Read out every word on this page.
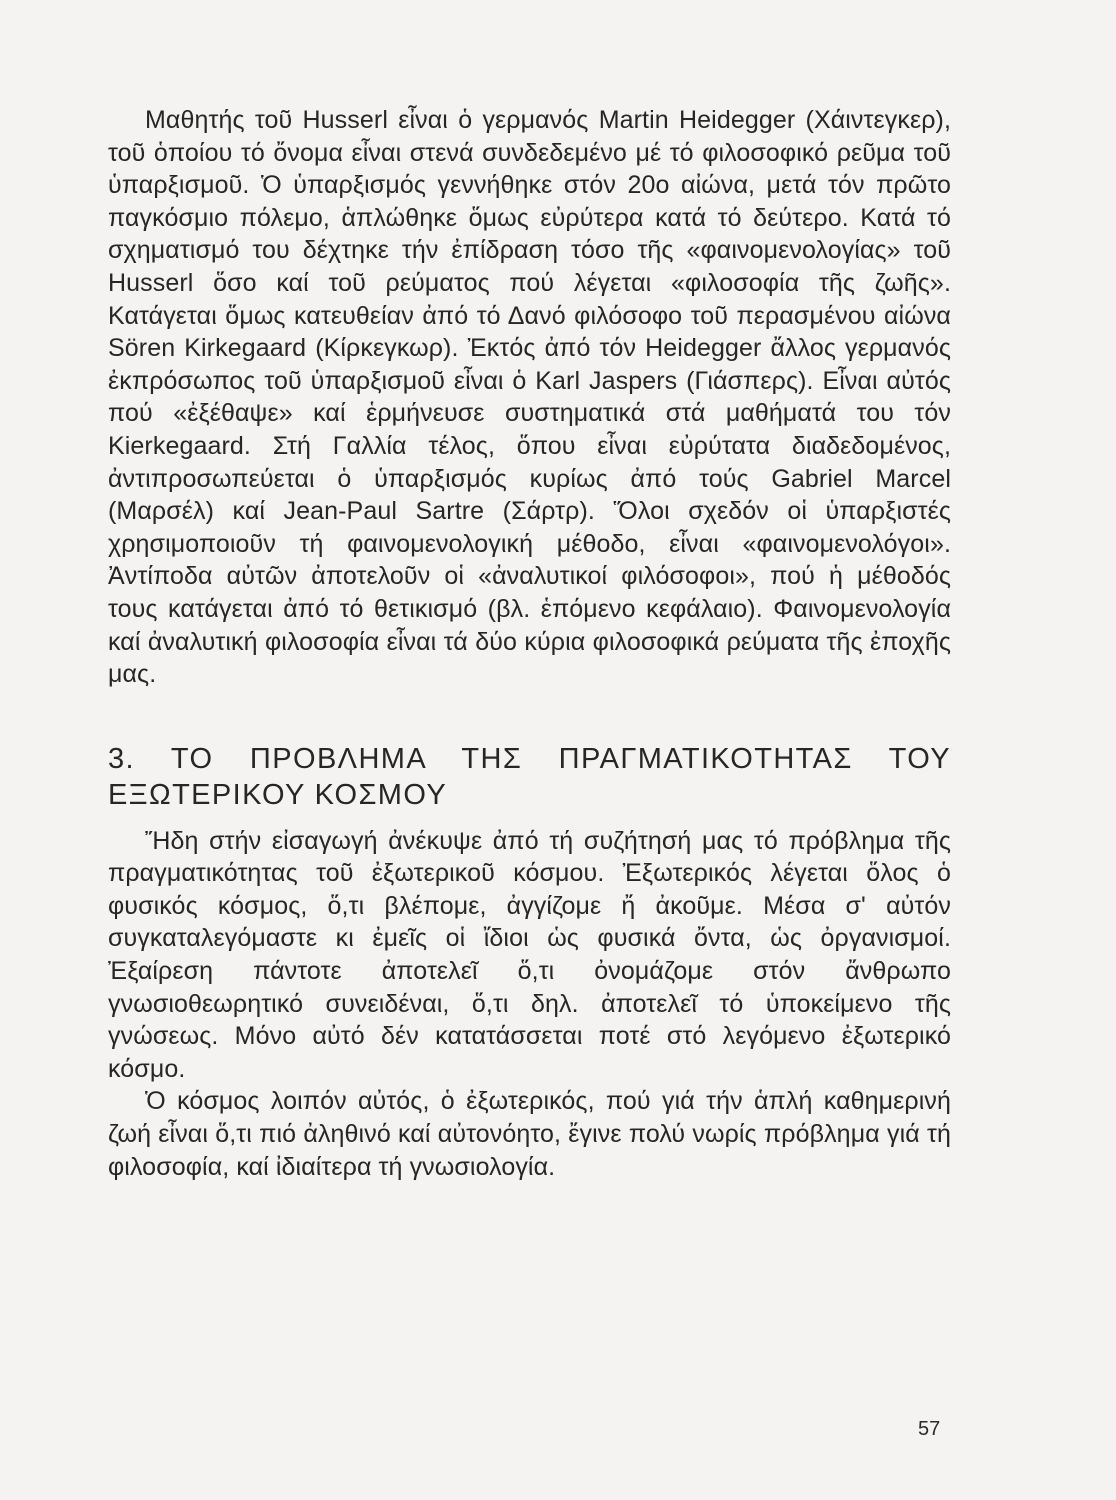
Μαθητής τοῦ Husserl εἶναι ὁ γερμανός Martin Heidegger (Χάιντεγκερ), τοῦ ὁποίου τό ὄνομα εἶναι στενά συνδεδεμένο μέ τό φιλοσοφικό ρεῦμα τοῦ ὑπαρξισμοῦ. Ὁ ὑπαρξισμός γεννήθηκε στόν 20ο αἰώνα, μετά τόν πρῶτο παγκόσμιο πόλεμο, ἁπλώθηκε ὅμως εὐρύτερα κατά τό δεύτερο. Κατά τό σχηματισμό του δέχτηκε τήν ἐπίδραση τόσο τῆς «φαινομενολογίας» τοῦ Husserl ὅσο καί τοῦ ρεύματος πού λέγεται «φιλοσοφία τῆς ζωῆς». Κατάγεται ὅμως κατευθείαν ἀπό τό Δανό φιλόσοφο τοῦ περασμένου αἰώνα Sören Kirkegaard (Κίρκεγκωρ). Ἐκτός ἀπό τόν Heidegger ἄλλος γερμανός ἐκπρόσωπος τοῦ ὑπαρξισμοῦ εἶναι ὁ Karl Jaspers (Γιάσπερς). Εἶναι αὐτός πού «ἐξέθαψε» καί ἑρμήνευσε συστηματικά στά μαθήματά του τόν Kierkegaard. Στή Γαλλία τέλος, ὅπου εἶναι εὐρύτατα διαδεδομένος, ἀντιπροσωπεύεται ὁ ὑπαρξισμός κυρίως ἀπό τούς Gabriel Marcel (Μαρσέλ) καί Jean-Paul Sartre (Σάρτρ). Ὅλοι σχεδόν οἱ ὑπαρξιστές χρησιμοποιοῦν τή φαινομενολογική μέθοδο, εἶναι «φαινομενολόγοι». Ἀντίποδα αὐτῶν ἀποτελοῦν οἱ «ἀναλυτικοί φιλόσοφοι», πού ἡ μέθοδός τους κατάγεται ἀπό τό θετικισμό (βλ. ἑπόμενο κεφάλαιο). Φαινομενολογία καί ἀναλυτική φιλοσοφία εἶναι τά δύο κύρια φιλοσοφικά ρεύματα τῆς ἐποχῆς μας.

3. ΤΟ ΠΡΟΒΛΗΜΑ ΤΗΣ ΠΡΑΓΜΑΤΙΚΟΤΗΤΑΣ ΤΟΥ ΕΞΩΤΕΡΙΚΟΥ ΚΟΣΜΟΥ

Ἤδη στήν εἰσαγωγή ἀνέκυψε ἀπό τή συζήτησή μας τό πρόβλημα τῆς πραγματικότητας τοῦ ἐξωτερικοῦ κόσμου. Ἐξωτερικός λέγεται ὅλος ὁ φυσικός κόσμος, ὅ,τι βλέπομε, ἀγγίζομε ἤ ἀκοῦμε. Μέσα σ' αὐτόν συγκαταλεγόμαστε κι ἐμεῖς οἱ ἴδιοι ὡς φυσικά ὄντα, ὡς ὀργανισμοί. Ἐξαίρεση πάντοτε ἀποτελεῖ ὅ,τι ὀνομάζομε στόν ἄνθρωπο γνωσιοθεωρητικό συνειδέναι, ὅ,τι δηλ. ἀποτελεῖ τό ὑποκείμενο τῆς γνώσεως. Μόνο αὐτό δέν κατατάσσεται ποτέ στό λεγόμενο ἐξωτερικό κόσμο.

Ὁ κόσμος λοιπόν αὐτός, ὁ ἐξωτερικός, πού γιά τήν ἁπλή καθημερινή ζωή εἶναι ὅ,τι πιό ἀληθινό καί αὐτονόητο, ἔγινε πολύ νωρίς πρόβλημα γιά τή φιλοσοφία, καί ἰδιαίτερα τή γνωσιολογία.

57
